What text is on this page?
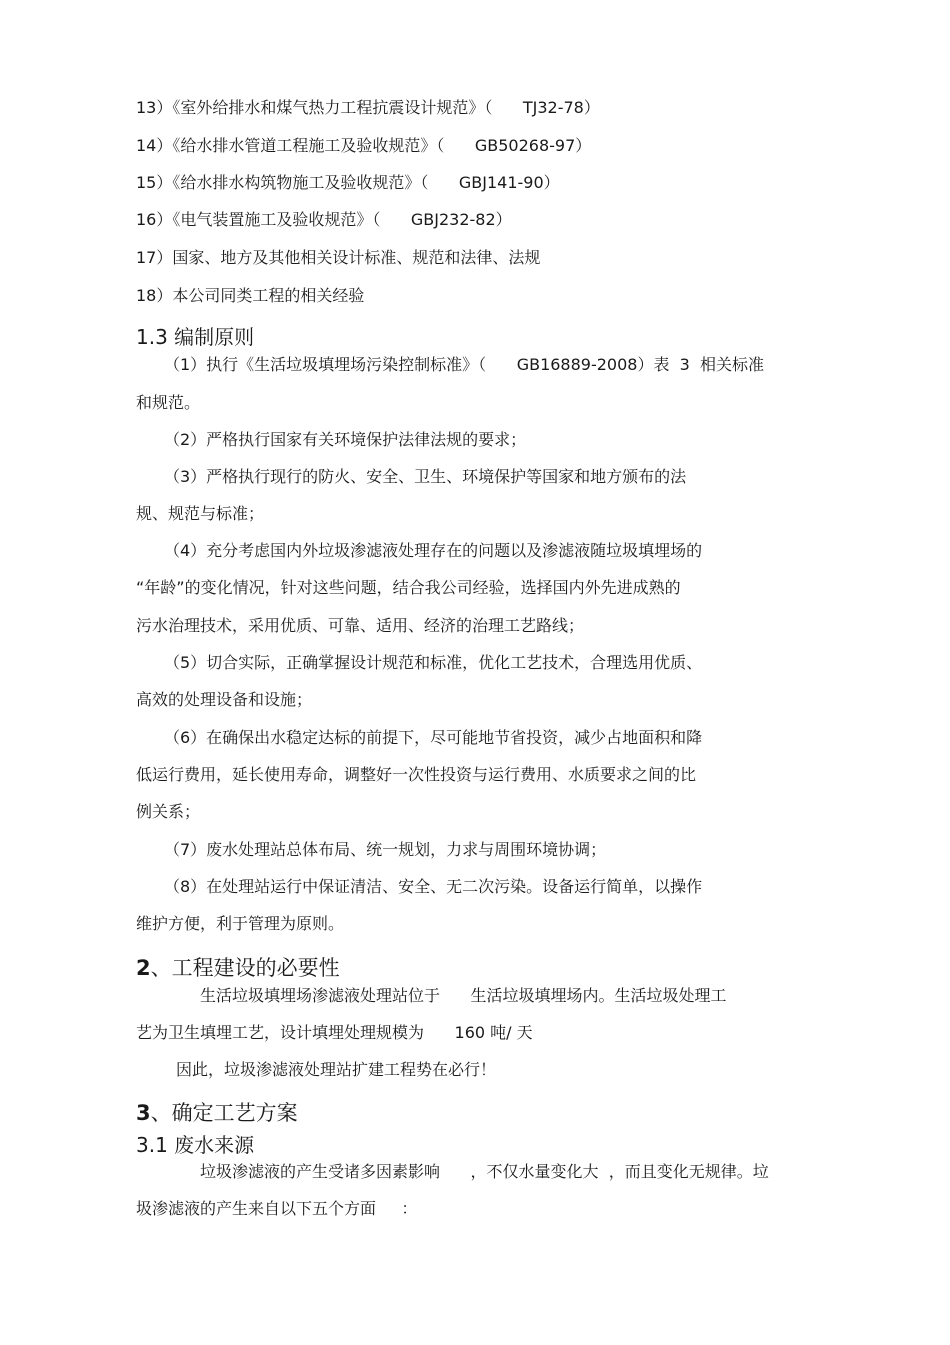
13）《室外给排水和煤气热力工程抗震设计规范》（      TJ32-78）
14）《给水排水管道工程施工及验收规范》（      GB50268-97）
15）《给水排水构筑物施工及验收规范》（      GBJ141-90）
16）《电气装置施工及验收规范》（      GBJ232-82）
17）国家、地方及其他相关设计标准、规范和法律、法规
18）本公司同类工程的相关经验
1.3 编制原则
（1）执行《生活垃圾填埋场污染控制标准》（      GB16889-2008）表  3  相关标准
和规范。
（2）严格执行国家有关环境保护法律法规的要求；
（3）严格执行现行的防火、安全、卫生、环境保护等国家和地方颁布的法
规、规范与标准；
（4）充分考虑国内外垃圾渗滤液处理存在的问题以及渗滤液随垃圾填埋场的
“年龄”的变化情况，针对这些问题，结合我公司经验，选择国内外先进成熟的
污水治理技术，采用优质、可靠、适用、经济的治理工艺路线；
（5）切合实际，正确掌握设计规范和标准，优化工艺技术，合理选用优质、
高效的处理设备和设施；
（6）在确保出水稳定达标的前提下，尽可能地节省投资，减少占地面积和降
低运行费用，延长使用寿命，调整好一次性投资与运行费用、水质要求之间的比
例关系；
（7）废水处理站总体布局、统一规划，力求与周围环境协调；
（8）在处理站运行中保证清洁、安全、无二次污染。设备运行简单，以操作
维护方便，利于管理为原则。
2、工程建设的必要性
生活垃圾填埋场渗滤液处理站位于      生活垃圾填埋场内。生活垃圾处理工
艺为卫生填埋工艺，设计填埋处理规模为      160 吨/ 天
因此，垃圾渗滤液处理站扩建工程势在必行！
3、确定工艺方案
3.1 废水来源
垃圾渗滤液的产生受诸多因素影响      ，不仅水量变化大  ，而且变化无规律。垃
圾渗滤液的产生来自以下五个方面     ：
